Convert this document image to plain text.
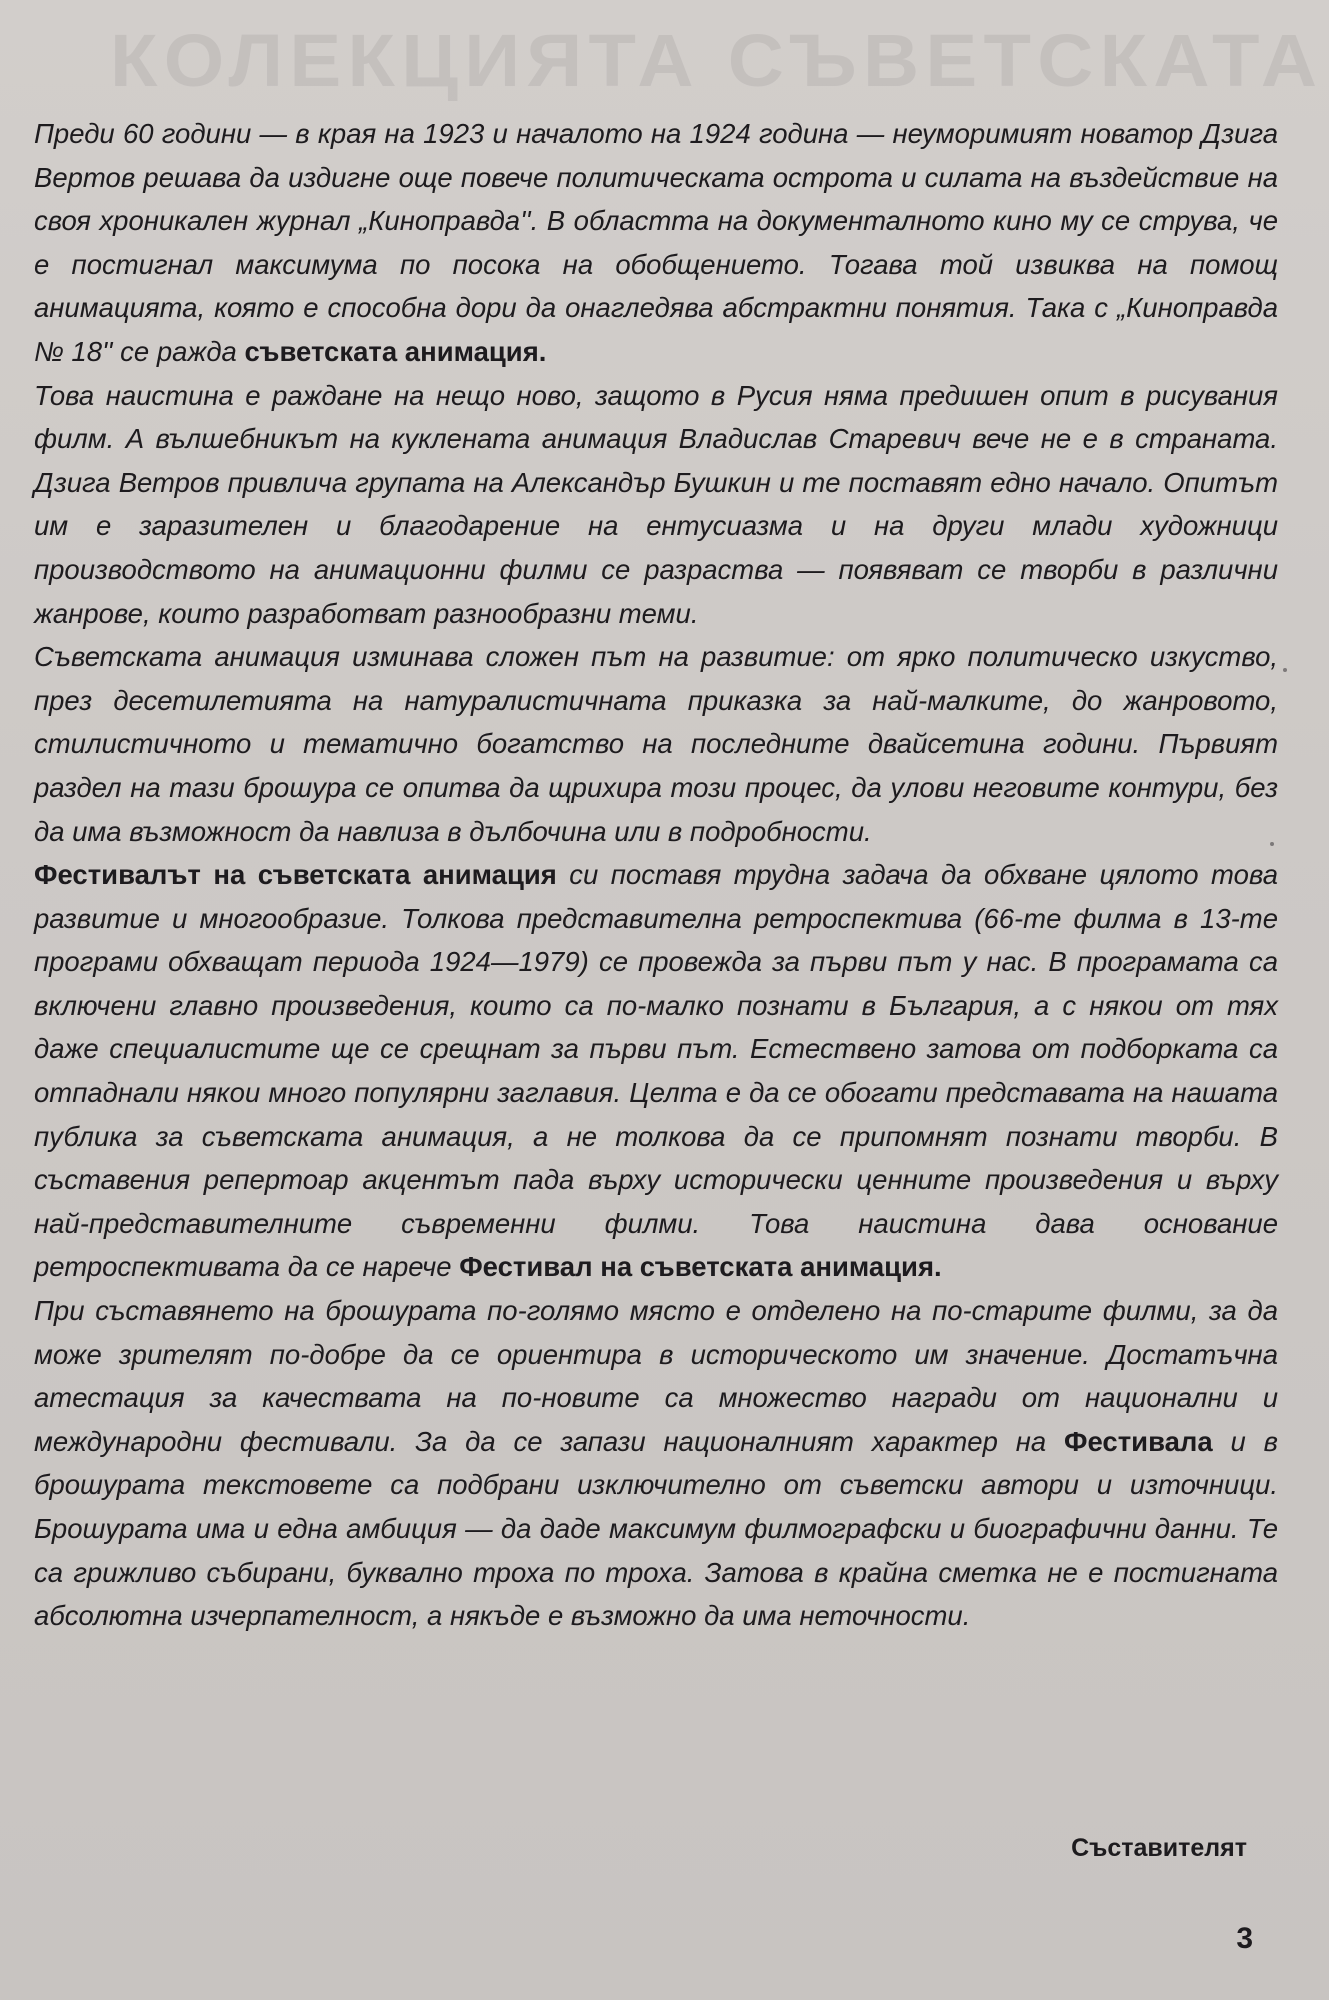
КОЛЕКЦИЯТА СЪВЕТСКАТА

Преди 60 години — в края на 1923 и началото на 1924 година — неуморимият новатор Дзига Вертов решава да издигне още повече политическата острота и силата на въздействие на своя хроникален журнал „Киноправда''. В областта на документалното кино му се струва, че е постигнал максимума по посока на обобщението. Тогава той извиква на помощ анимацията, която е способна дори да онагледява абстрактни понятия. Така с „Киноправда № 18'' се ражда съветската анимация.

Това наистина е раждане на нещо ново, защото в Русия няма предишен опит в рисувания филм. А вълшебникът на куклената анимация Владислав Старевич вече не е в страната. Дзига Ветров привлича групата на Александър Бушкин и те поставят едно начало. Опитът им е заразителен и благодарение на ентусиазма и на други млади художници производството на анимационни филми се разраства — появяват се творби в различни жанрове, които разработват разнообразни теми.

Съветската анимация изминава сложен път на развитие: от ярко политическо изкуство, през десетилетията на натуралистичната приказка за най-малките, до жанровото, стилистичното и тематично богатство на последните двайсетина години. Първият раздел на тази брошура се опитва да щрихира този процес, да улови неговите контури, без да има възможност да навлиза в дълбочина или в подробности.

Фестивалът на съветската анимация си поставя трудна задача да обхване цялото това развитие и многообразие. Толкова представителна ретроспектива (66-те филма в 13-те програми обхващат периода 1924—1979) се провежда за първи път у нас. В програмата са включени главно произведения, които са по-малко познати в България, а с някои от тях даже специалистите ще се срещнат за първи път. Естествено затова от подборката са отпаднали някои много популярни заглавия. Целта е да се обогати представата на нашата публика за съветската анимация, а не толкова да се припомнят познати творби. В съставения репертоар акцентът пада върху исторически ценните произведения и върху най-представителните съвременни филми. Това наистина дава основание ретроспективата да се нарече Фестивал на съветската анимация.

При съставянето на брошурата по-голямо място е отделено на по-старите филми, за да може зрителят по-добре да се ориентира в историческото им значение. Достатъчна атестация за качествата на по-новите са множество награди от национални и международни фестивали. За да се запази националният характер на Фестивала и в брошурата текстовете са подбрани изключително от съветски автори и източници. Брошурата има и една амбиция — да даде максимум филмографски и биографични данни. Те са грижливо събирани, буквално троха по троха. Затова в крайна сметка не е постигната абсолютна изчерпателност, а някъде е възможно да има неточности.

Съставителят
3
